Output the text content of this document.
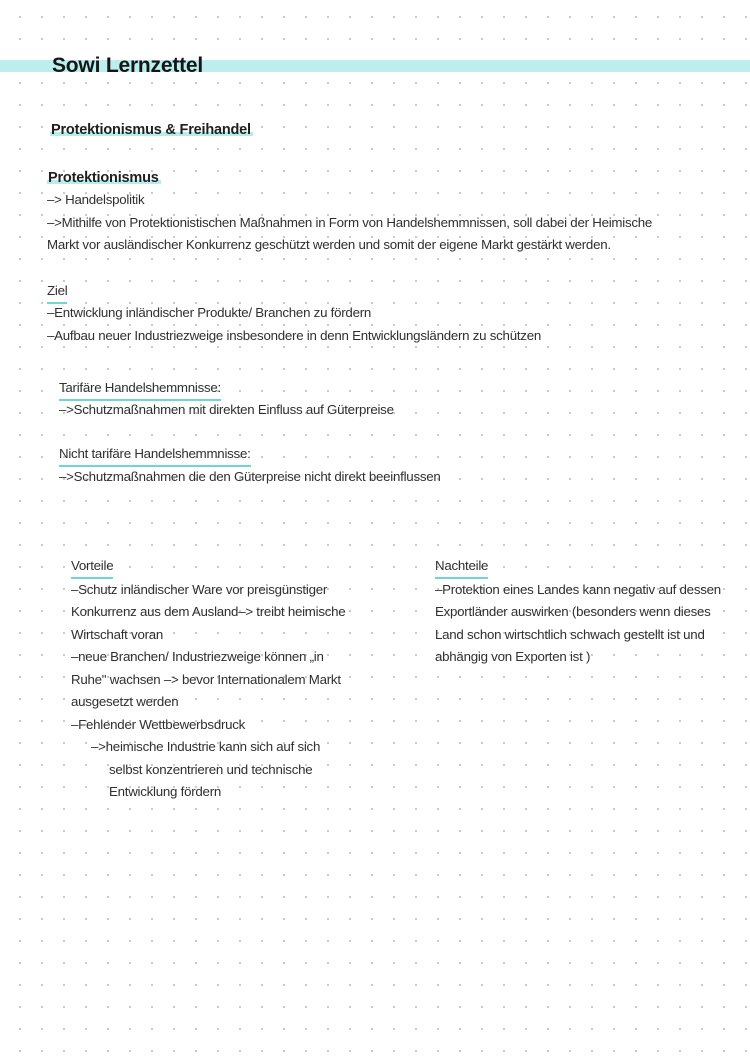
Sowi Lernzettel
Protektionismus & Freihandel
Protektionismus
–> Handelspolitik
–>Mithilfe von Protektionistischen Maßnahmen in Form von Handelshemmnissen, soll dabei der Heimische
Markt vor ausländischer Konkurrenz geschützt werden und somit der eigene Markt gestärkt werden.
Ziel
–Entwicklung inländischer Produkte/ Branchen zu fördern
–Aufbau neuer Industriezweige insbesondere in denn Entwicklungsländern zu schützen
Tarifäre Handelshemmnisse:
–>Schutzmaßnahmen mit direkten Einfluss auf Güterpreise
Nicht tarifäre Handelshemmnisse:
–>Schutzmaßnahmen die den Güterpreise nicht direkt beeinflussen
Vorteile
–Schutz inländischer Ware vor preisgünstiger
Konkurrenz aus dem Ausland–> treibt heimische
Wirtschaft voran
–neue Branchen/ Industriezweige können „in
Ruhe" wachsen –> bevor Internationalem Markt
ausgesetzt werden
–Fehlender Wettbewerbsdruck
–>heimische Industrie kann sich auf sich
selbst konzentrieren und technische
Entwicklung fördern
Nachteile
–Protektion eines Landes kann negativ auf dessen
Exportländer auswirken (besonders wenn dieses
Land schon wirtschtlich schwach gestellt ist und
abhängig von Exporten ist )
